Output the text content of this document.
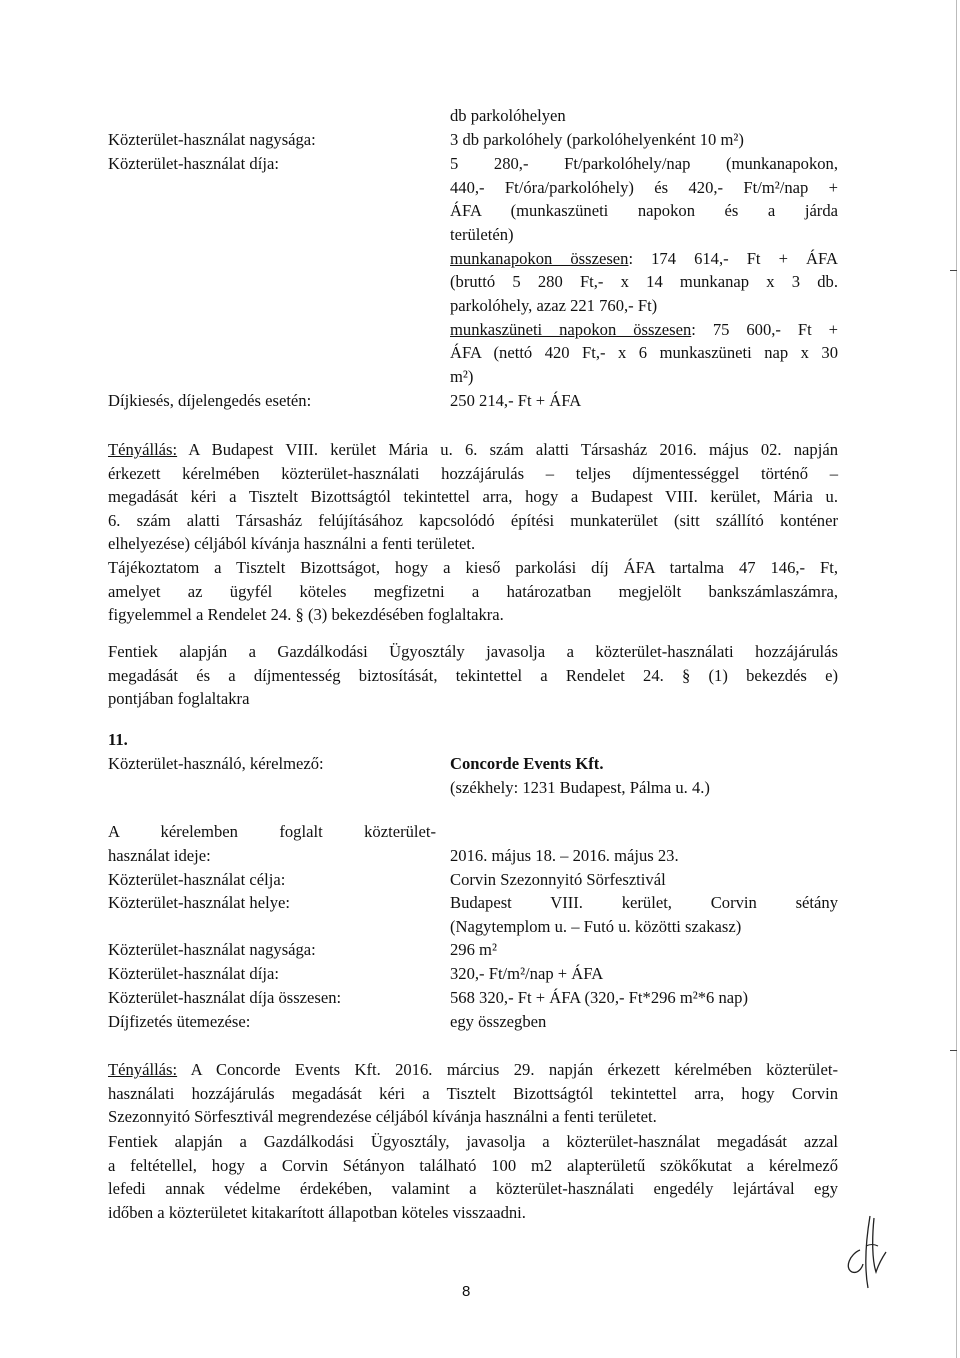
db parkolóhelyen
Közterület-használat nagysága:	3 db parkolóhely (parkolóhelyenként 10 m²)
Közterület-használat díja:	5 280,- Ft/parkolóhely/nap (munkanapokon,
440,- Ft/óra/parkolóhely) és 420,- Ft/m²/nap +
ÁFA (munkaszüneti napokon és a járda
területén)
munkanapokon összesen: 174 614,- Ft + ÁFA
(bruttó 5 280 Ft,- x 14 munkanap x 3 db.
parkolóhely, azaz 221 760,- Ft)
munkaszüneti napokon összesen: 75 600,- Ft +
ÁFA (nettó 420 Ft,- x 6 munkaszüneti nap x 30
m²)
Díjkiesés, díjelengedés esetén:	250 214,- Ft + ÁFA
Tényállás: A Budapest VIII. kerület Mária u. 6. szám alatti Társasház 2016. május 02. napján
érkezett kérelmében közterület-használati hozzájárulás – teljes díjmentességgel történő –
megadását kéri a Tisztelt Bizottságtól tekintettel arra, hogy a Budapest VIII. kerület, Mária u.
6. szám alatti Társasház felújításához kapcsolódó építési munkaterület (sitt szállító konténer
elhelyezése) céljából kívánja használni a fenti területet.
Tájékoztatom a Tisztelt Bizottságot, hogy a kieső parkolási díj ÁFA tartalma 47 146,- Ft,
amelyet az ügyfél köteles megfizetni a határozatban megjelölt bankszámlaszámra,
figyelemmel a Rendelet 24. § (3) bekezdésében foglaltakra.
Fentiek alapján a Gazdálkodási Ügyosztály javasolja a közterület-használati hozzájárulás
megadását és a díjmentesség biztosítását, tekintettel a Rendelet 24. § (1) bekezdés e)
pontjában foglaltakra
11.
Közterület-használó, kérelmező:	Concorde Events Kft.
(székhely: 1231 Budapest, Pálma u. 4.)
A kérelemben foglalt közterület-
használat ideje:	2016. május 18. – 2016. május 23.
Közterület-használat célja:	Corvin Szezonnyitó Sörfesztivál
Közterület-használat helye:	Budapest VIII. kerület, Corvin sétány
(Nagytemplom u. – Futó u. közötti szakasz)
Közterület-használat nagysága:	296 m²
Közterület-használat díja:	320,- Ft/m²/nap + ÁFA
Közterület-használat díja összesen:	568 320,- Ft + ÁFA (320,- Ft*296 m²*6 nap)
Díjfizetés ütemezése:	egy összegben
Tényállás: A Concorde Events Kft. 2016. március 29. napján érkezett kérelmében közterület-
használati hozzájárulás megadását kéri a Tisztelt Bizottságtól tekintettel arra, hogy Corvin
Szezonnyitó Sörfesztivál megrendezése céljából kívánja használni a fenti területet.
Fentiek alapján a Gazdálkodási Ügyosztály, javasolja a közterület-használat megadását azzal
a feltétellel, hogy a Corvin Sétányon található 100 m2 alapterületű szökőkutat a kérelmező
lefedi annak védelme érdekében, valamint a közterület-használati engedély lejártával egy
időben a közterületet kitakarított állapotban köteles visszaadni.
8
